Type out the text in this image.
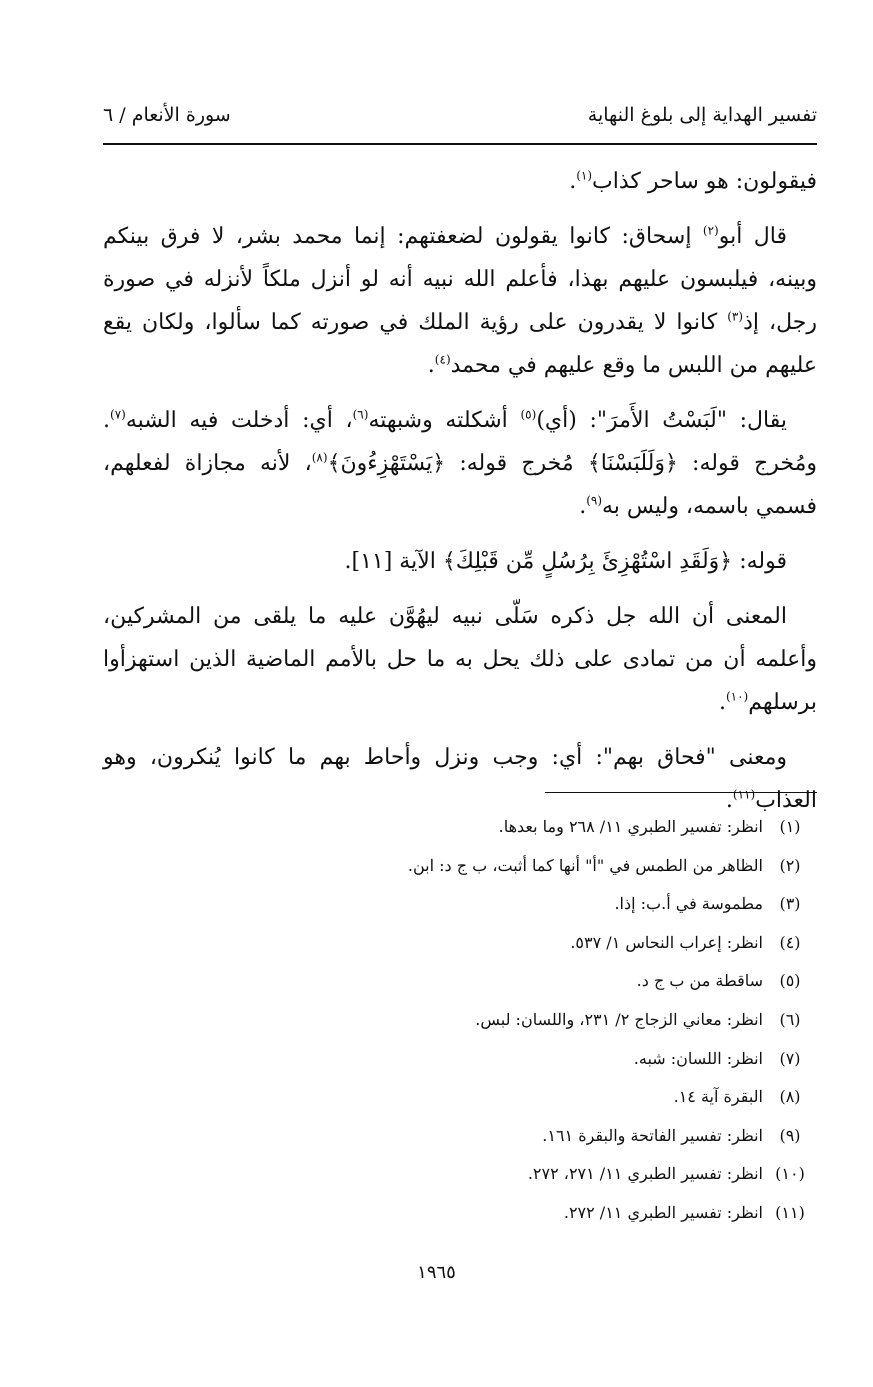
تفسير الهداية إلى بلوغ النهاية
سورة الأنعام / ٦

فيقولون: هو ساحر كذاب$^{(١)}$.

قال أبو$^{(٢)}$ إسحاق: كانوا يقولون لضعفتهم: إنما محمد بشر، لا فرق بينكم وبينه، فيلبسون عليهم بهذا، فأعلم الله نبيه أنه لو أنزل ملكاً لأنزله في صورة رجل، إذ$^{(٣)}$ كانوا لا يقدرون على رؤية الملك في صورته كما سألوا، ولكان يقع عليهم من اللبس ما وقع عليهم في محمد$^{(٤)}$.

يقال: "لَبَسْتُ الأَمرَ": (أي)$^{(٥)}$ أشكلته وشبهته$^{(٦)}$، أي: أدخلت فيه الشبه$^{(٧)}$. ومُخرج قوله: ﴿وَلَلَبَسْنَا﴾ مُخرج قوله: ﴿يَسْتَهْزِءُونَ﴾$^{(٨)}$، لأنه مجازاة لفعلهم، فسمي باسمه، وليس به$^{(٩)}$.

قوله: ﴿وَلَقَدِ اسْتُهْزِئَ بِرُسُلٍ مِّن قَبْلِكَ﴾ الآية [١١].

المعنى أن الله جل ذكره سَلّى نبيه ليهُوَّن عليه ما يلقى من المشركين، وأعلمه أن من تمادى على ذلك يحل به ما حل بالأمم الماضية الذين استهزأوا برسلهم$^{(١٠)}$.

ومعنى "فحاق بهم": أي: وجب ونزل وأحاط بهم ما كانوا يُنكرون، وهو العذاب$^{(١١)}$.

(١)
انظر: تفسير الطبري ١١/ ٢٦٨ وما بعدها.
(٢)
الظاهر من الطمس في "أ" أنها كما أثبت، ب ج د: ابن.
(٣)
مطموسة في أ.ب: إذا.
(٤)
انظر: إعراب النحاس ١/ ٥٣٧.
(٥)
ساقطة من ب ج د.
(٦)
انظر: معاني الزجاج ٢/ ٢٣١، واللسان: لبس.
(٧)
انظر: اللسان: شبه.
(٨)
البقرة آية ١٤.
(٩)
انظر: تفسير الفاتحة والبقرة ١٦١.
(١٠)
انظر: تفسير الطبري ١١/ ٢٧١، ٢٧٢.
(١١)
انظر: تفسير الطبري ١١/ ٢٧٢.
١٩٦٥
